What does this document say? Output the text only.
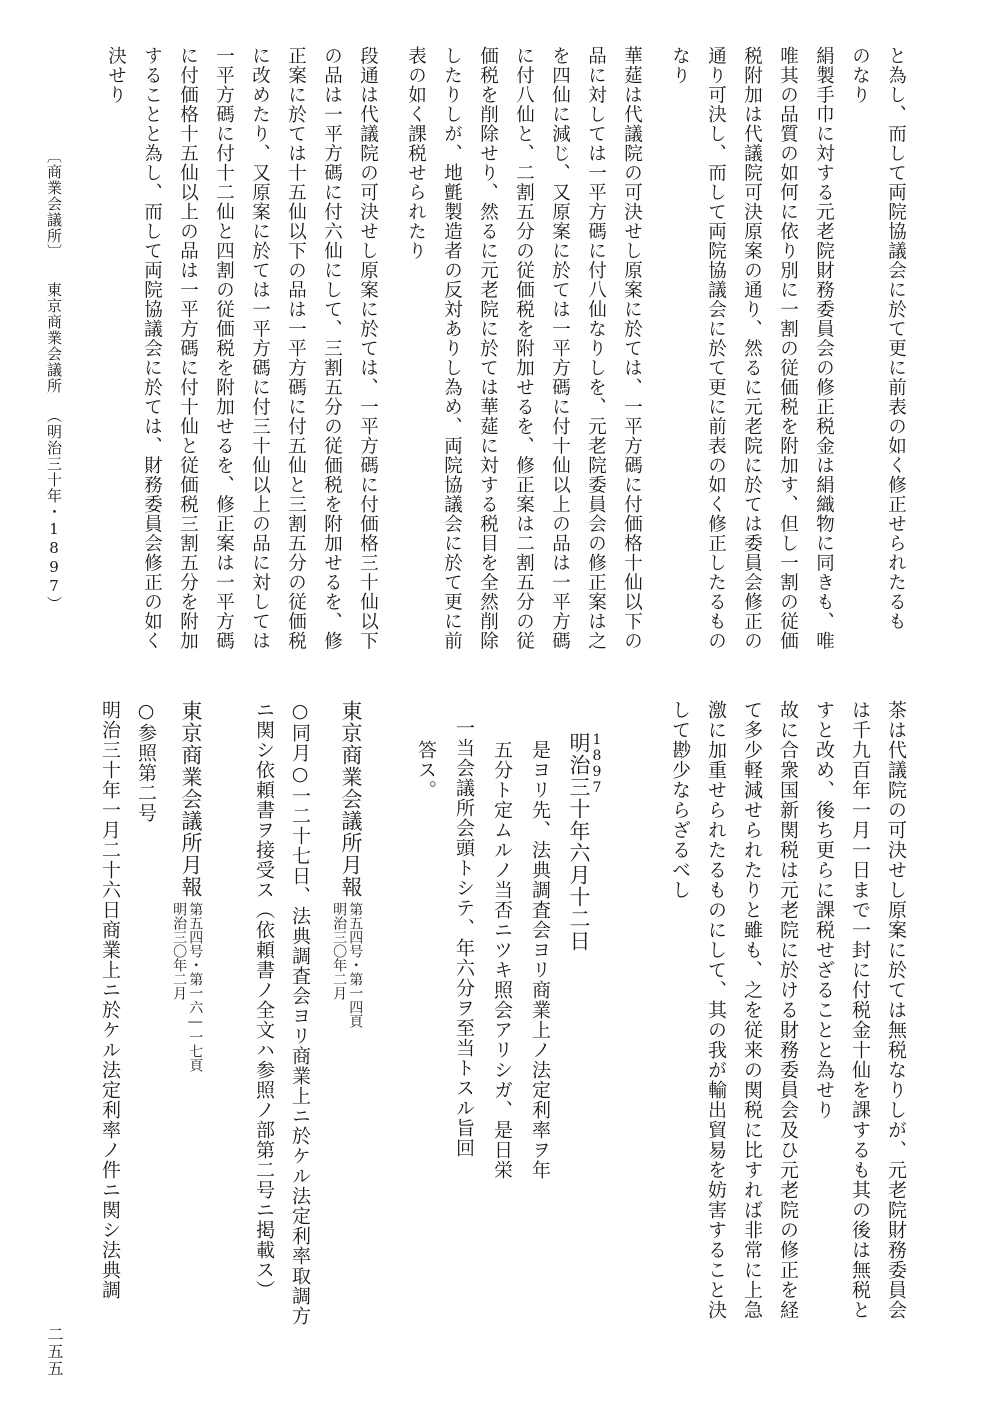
と為し、而して両院協議会に於て更に前表の如く修正せられたるも
のなり
絹製手巾に対する元老院財務委員会の修正税金は絹織物に同きも、唯
唯其の品質の如何に依り別に一割の従価税を附加す、但し一割の従価
税附加は代議院可決原案の通り、然るに元老院に於ては委員会修正の
通り可決し、而して両院協議会に於て更に前表の如く修正したるもの
なり
華莚は代議院の可決せし原案に於ては、一平方碼に付価格十仙以下の
品に対しては一平方碼に付八仙なりしを、元老院委員会の修正案は之
を四仙に減じ、又原案に於ては一平方碼に付十仙以上の品は一平方碼
に付八仙と、二割五分の従価税を附加せるを、修正案は二割五分の従
価税を削除せり、然るに元老院に於ては華莚に対する税目を全然削除
したりしが、地氈製造者の反対ありし為め、両院協議会に於て更に前
表の如く課税せられたり
段通は代議院の可決せし原案に於ては、一平方碼に付価格三十仙以下
の品は一平方碼に付六仙にして、三割五分の従価税を附加せるを、修
正案に於ては十五仙以下の品は一平方碼に付五仙と三割五分の従価税
に改めたり、又原案に於ては一平方碼に付三十仙以上の品に対しては
一平方碼に付十二仙と四割の従価税を附加せるを、修正案は一平方碼
に付価格十五仙以上の品は一平方碼に付十仙と従価税三割五分を附加
することと為し、而して両院協議会に於ては、財務委員会修正の如く
決せり
〔商業会議所〕東京商業会議所（明治三十年・1897）
茶は代議院の可決せし原案に於ては無税なりしが、元老院財務委員会
は千九百年一月一日まで一封に付税金十仙を課するも其の後は無税と
すと改め、後ち更らに課税せざることと為せり
故に合衆国新関税は元老院に於ける財務委員会及ひ元老院の修正を経
て多少軽減せられたりと雖も、之を従来の関税に比すれば非常に上急
激に加重せられたるものにして、其の我が輸出貿易を妨害すること決
して尠少ならざるべし
1897
明治三十年六月十二日
是ヨリ先、法典調査会ヨリ商業上ノ法定利率ヲ年
五分ト定ムルノ当否ニツキ照会アリシガ、是日栄
一当会議所会頭トシテ、年六分ヲ至当トスル旨回
答ス。
東京商業会議所月報
第五四号・第一四頁
明治三〇年二月
○同月○一二十七日、法典調査会ヨリ商業上ニ於ケル法定利率取調方
ニ関シ依頼書ヲ接受ス（依頼書ノ全文ハ参照ノ部第二号ニ掲載ス）
東京商業会議所月報
第五四号・第一六―一七頁
明治三〇年二月
○参照第二号
明治三十年一月二十六日商業上ニ於ケル法定利率ノ件ニ関シ法典調
二五五
